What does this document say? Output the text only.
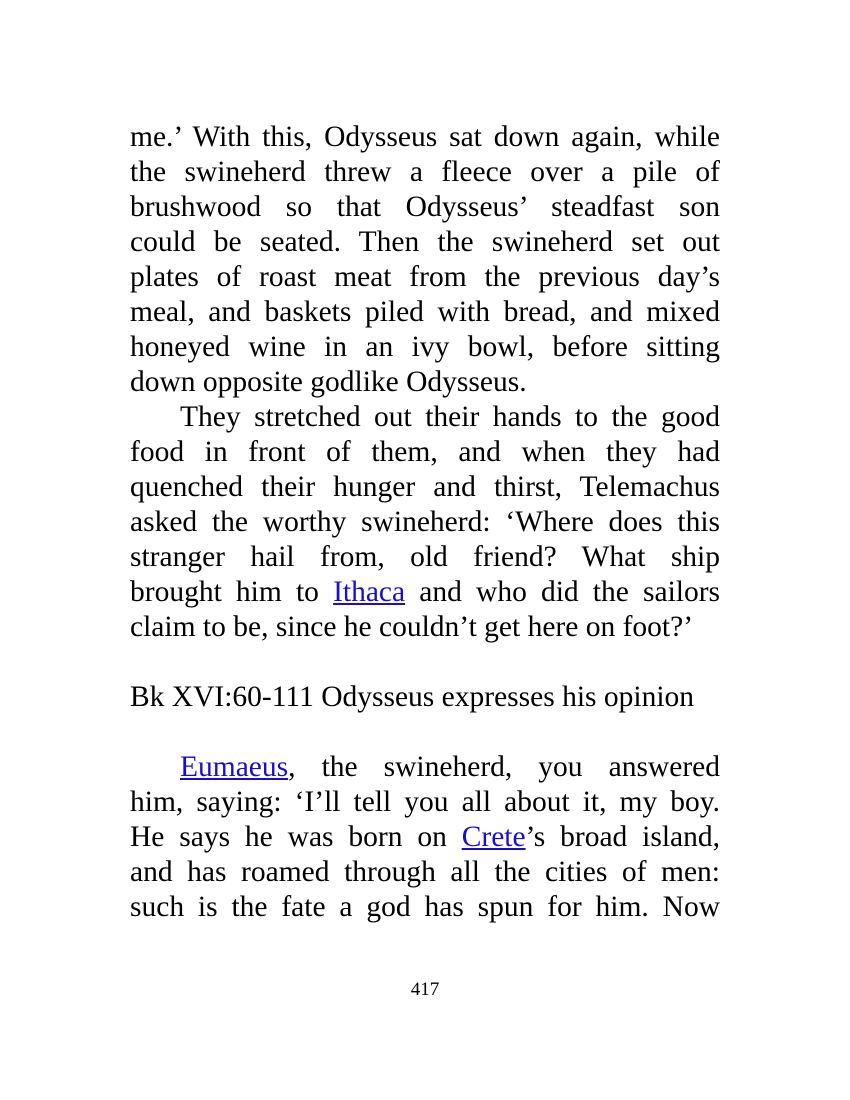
me.’ With this, Odysseus sat down again, while
the swineherd threw a fleece over a pile of
brushwood so that Odysseus’ steadfast son
could be seated. Then the swineherd set out
plates of roast meat from the previous day’s
meal, and baskets piled with bread, and mixed
honeyed wine in an ivy bowl, before sitting
down opposite godlike Odysseus.
They stretched out their hands to the good
food in front of them, and when they had
quenched their hunger and thirst, Telemachus
asked the worthy swineherd: ‘Where does this
stranger hail from, old friend? What ship
brought him to Ithaca and who did the sailors
claim to be, since he couldn’t get here on foot?’
Bk XVI:60-111 Odysseus expresses his opinion
Eumaeus, the swineherd, you answered
him, saying: ‘I’ll tell you all about it, my boy.
He says he was born on Crete’s broad island,
and has roamed through all the cities of men:
such is the fate a god has spun for him. Now
417
